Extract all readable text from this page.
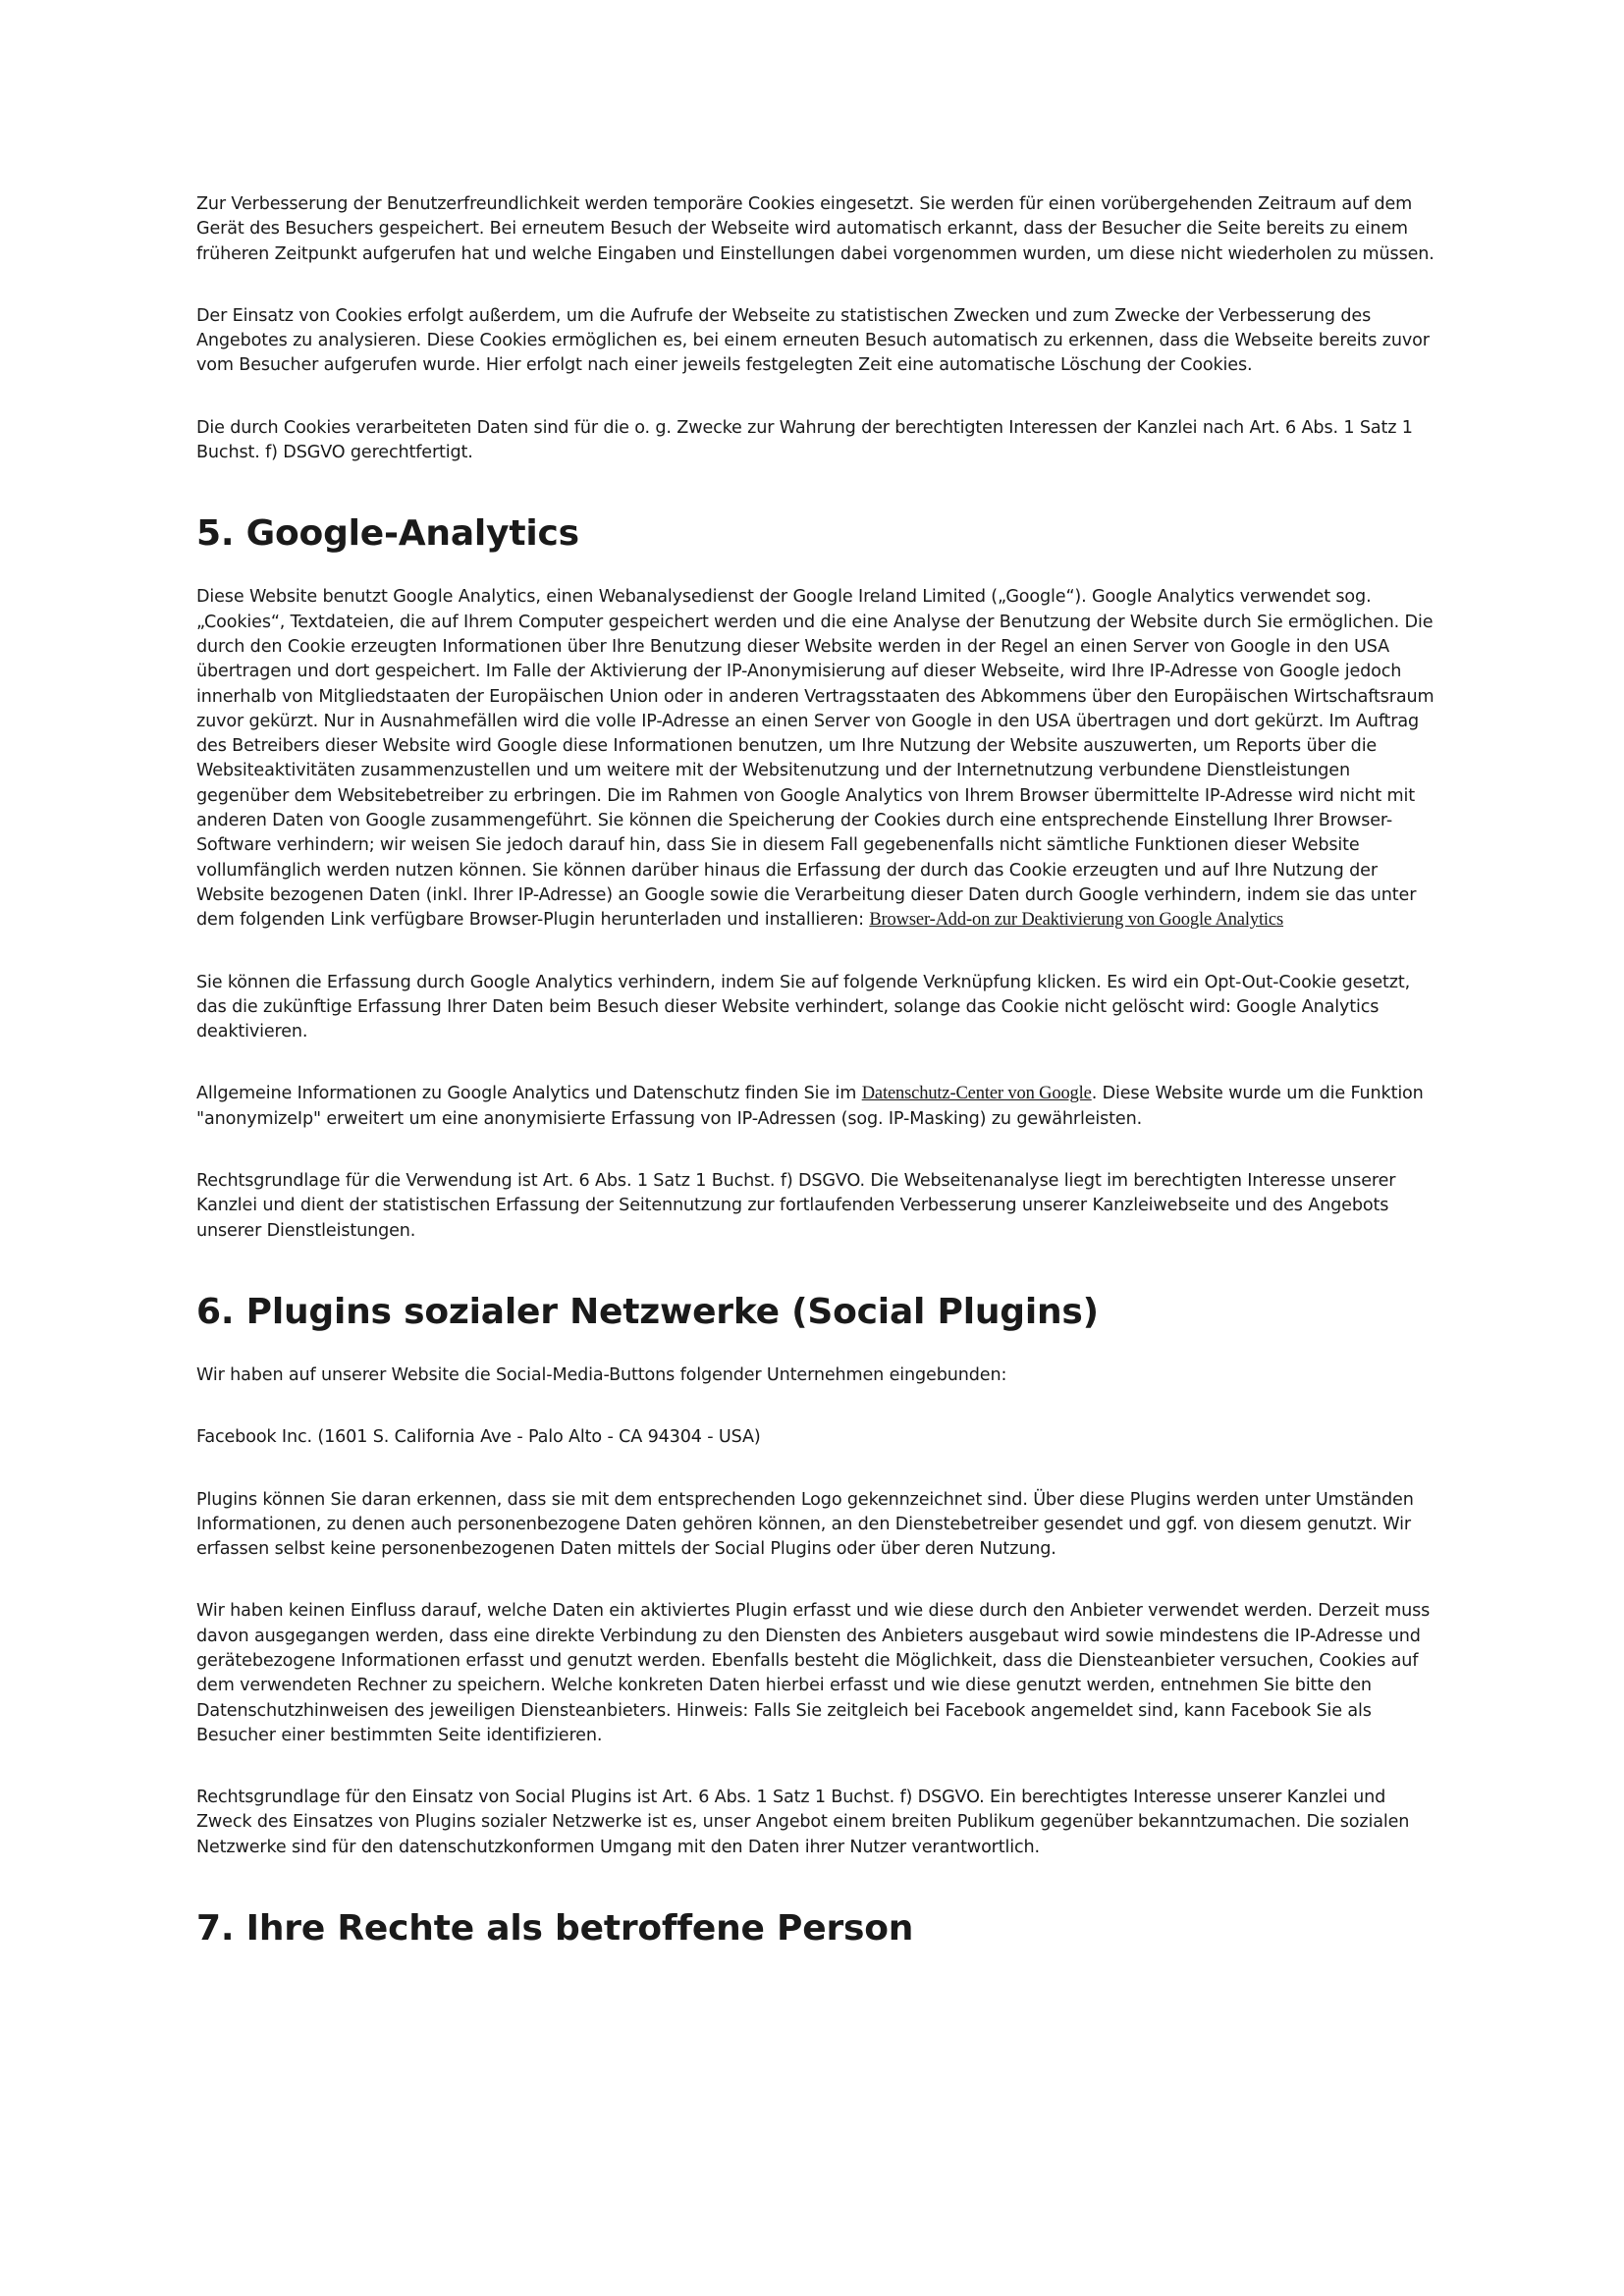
Zur Verbesserung der Benutzerfreundlichkeit werden temporäre Cookies eingesetzt. Sie werden für einen vorübergehenden Zeitraum auf dem Gerät des Besuchers gespeichert. Bei erneutem Besuch der Webseite wird automatisch erkannt, dass der Besucher die Seite bereits zu einem früheren Zeitpunkt aufgerufen hat und welche Eingaben und Einstellungen dabei vorgenommen wurden, um diese nicht wiederholen zu müssen.

Der Einsatz von Cookies erfolgt außerdem, um die Aufrufe der Webseite zu statistischen Zwecken und zum Zwecke der Verbesserung des Angebotes zu analysieren. Diese Cookies ermöglichen es, bei einem erneuten Besuch automatisch zu erkennen, dass die Webseite bereits zuvor vom Besucher aufgerufen wurde. Hier erfolgt nach einer jeweils festgelegten Zeit eine automatische Löschung der Cookies.

Die durch Cookies verarbeiteten Daten sind für die o. g. Zwecke zur Wahrung der berechtigten Interessen der Kanzlei nach Art. 6 Abs. 1 Satz 1 Buchst. f) DSGVO gerechtfertigt.

5. Google-Analytics

Diese Website benutzt Google Analytics, einen Webanalysedienst der Google Ireland Limited („Google“). Google Analytics verwendet sog. „Cookies“, Textdateien, die auf Ihrem Computer gespeichert werden und die eine Analyse der Benutzung der Website durch Sie ermöglichen. Die durch den Cookie erzeugten Informationen über Ihre Benutzung dieser Website werden in der Regel an einen Server von Google in den USA übertragen und dort gespeichert. Im Falle der Aktivierung der IP-Anonymisierung auf dieser Webseite, wird Ihre IP-Adresse von Google jedoch innerhalb von Mitgliedstaaten der Europäischen Union oder in anderen Vertragsstaaten des Abkommens über den Europäischen Wirtschaftsraum zuvor gekürzt. Nur in Ausnahmefällen wird die volle IP-Adresse an einen Server von Google in den USA übertragen und dort gekürzt. Im Auftrag des Betreibers dieser Website wird Google diese Informationen benutzen, um Ihre Nutzung der Website auszuwerten, um Reports über die Websiteaktivitäten zusammenzustellen und um weitere mit der Websitenutzung und der Internetnutzung verbundene Dienstleistungen gegenüber dem Websitebetreiber zu erbringen. Die im Rahmen von Google Analytics von Ihrem Browser übermittelte IP-Adresse wird nicht mit anderen Daten von Google zusammengeführt. Sie können die Speicherung der Cookies durch eine entsprechende Einstellung Ihrer Browser-Software verhindern; wir weisen Sie jedoch darauf hin, dass Sie in diesem Fall gegebenenfalls nicht sämtliche Funktionen dieser Website vollumfänglich werden nutzen können. Sie können darüber hinaus die Erfassung der durch das Cookie erzeugten und auf Ihre Nutzung der Website bezogenen Daten (inkl. Ihrer IP-Adresse) an Google sowie die Verarbeitung dieser Daten durch Google verhindern, indem sie das unter dem folgenden Link verfügbare Browser-Plugin herunterladen und installieren: Browser-Add-on zur Deaktivierung von Google Analytics

Sie können die Erfassung durch Google Analytics verhindern, indem Sie auf folgende Verknüpfung klicken. Es wird ein Opt-Out-Cookie gesetzt, das die zukünftige Erfassung Ihrer Daten beim Besuch dieser Website verhindert, solange das Cookie nicht gelöscht wird: Google Analytics deaktivieren.

Allgemeine Informationen zu Google Analytics und Datenschutz finden Sie im Datenschutz-Center von Google. Diese Website wurde um die Funktion "anonymizeIp" erweitert um eine anonymisierte Erfassung von IP-Adressen (sog. IP-Masking) zu gewährleisten.

Rechtsgrundlage für die Verwendung ist Art. 6 Abs. 1 Satz 1 Buchst. f) DSGVO. Die Webseitenanalyse liegt im berechtigten Interesse unserer Kanzlei und dient der statistischen Erfassung der Seitennutzung zur fortlaufenden Verbesserung unserer Kanzleiwebseite und des Angebots unserer Dienstleistungen.

6. Plugins sozialer Netzwerke (Social Plugins)

Wir haben auf unserer Website die Social-Media-Buttons folgender Unternehmen eingebunden:

Facebook Inc. (1601 S. California Ave - Palo Alto - CA 94304 - USA)

Plugins können Sie daran erkennen, dass sie mit dem entsprechenden Logo gekennzeichnet sind. Über diese Plugins werden unter Umständen Informationen, zu denen auch personenbezogene Daten gehören können, an den Dienstebetreiber gesendet und ggf. von diesem genutzt. Wir erfassen selbst keine personenbezogenen Daten mittels der Social Plugins oder über deren Nutzung.

Wir haben keinen Einfluss darauf, welche Daten ein aktiviertes Plugin erfasst und wie diese durch den Anbieter verwendet werden. Derzeit muss davon ausgegangen werden, dass eine direkte Verbindung zu den Diensten des Anbieters ausgebaut wird sowie mindestens die IP-Adresse und gerätebezogene Informationen erfasst und genutzt werden. Ebenfalls besteht die Möglichkeit, dass die Diensteanbieter versuchen, Cookies auf dem verwendeten Rechner zu speichern. Welche konkreten Daten hierbei erfasst und wie diese genutzt werden, entnehmen Sie bitte den Datenschutzhinweisen des jeweiligen Diensteanbieters. Hinweis: Falls Sie zeitgleich bei Facebook angemeldet sind, kann Facebook Sie als Besucher einer bestimmten Seite identifizieren.

Rechtsgrundlage für den Einsatz von Social Plugins ist Art. 6 Abs. 1 Satz 1 Buchst. f) DSGVO. Ein berechtigtes Interesse unserer Kanzlei und Zweck des Einsatzes von Plugins sozialer Netzwerke ist es, unser Angebot einem breiten Publikum gegenüber bekanntzumachen. Die sozialen Netzwerke sind für den datenschutzkonformen Umgang mit den Daten ihrer Nutzer verantwortlich.

7. Ihre Rechte als betroffene Person
